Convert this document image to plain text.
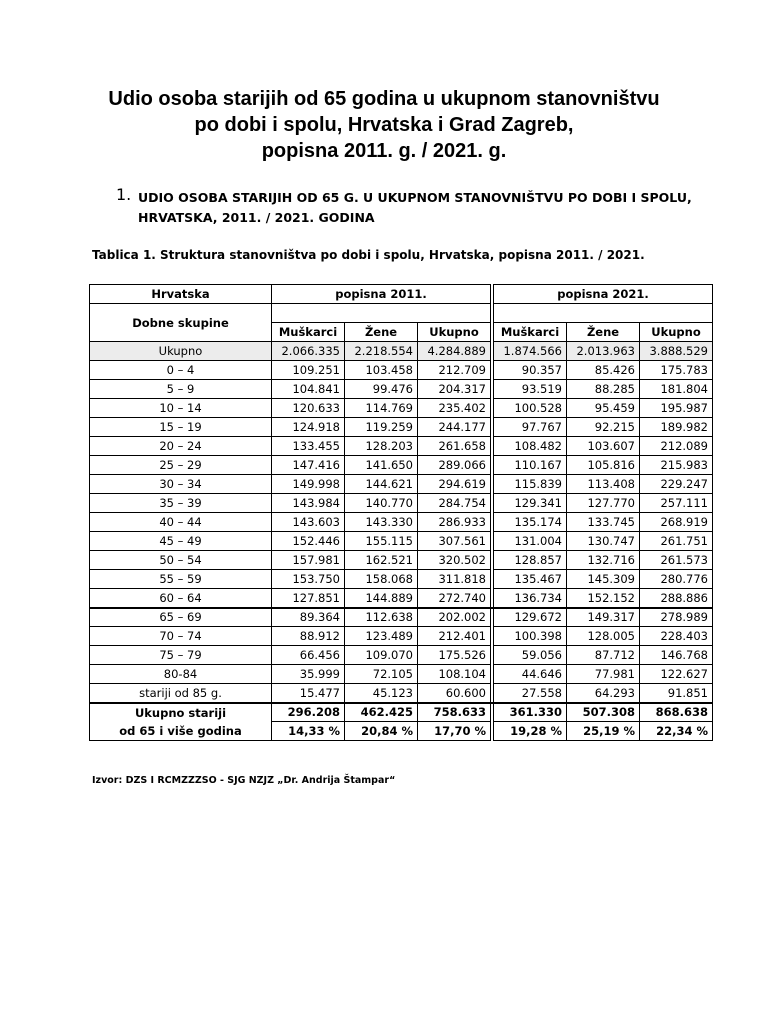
Udio osoba starijih od 65 godina u ukupnom stanovništvu
po dobi i spolu, Hrvatska i Grad Zagreb,
popisna 2011. g. / 2021. g.
1. UDIO OSOBA STARIJIH OD 65 G. U UKUPNOM STANOVNIŠTVU PO DOBI I SPOLU,
HRVATSKA, 2011. / 2021. GODINA
Tablica 1. Struktura stanovništva po dobi i spolu, Hrvatska, popisna 2011. / 2021.
Hrvatska	popisna 2011.				popisna 2021.		
Dobne skupine							
	Muškarci	Žene	Ukupno		Muškarci	Žene	Ukupno
Ukupno	2.066.335	2.218.554	4.284.889		1.874.566	2.013.963	3.888.529
0 – 4	109.251	103.458	212.709		90.357	85.426	175.783
5 – 9	104.841	99.476	204.317		93.519	88.285	181.804
10 – 14	120.633	114.769	235.402		100.528	95.459	195.987
15 – 19	124.918	119.259	244.177		97.767	92.215	189.982
20 – 24	133.455	128.203	261.658		108.482	103.607	212.089
25 – 29	147.416	141.650	289.066		110.167	105.816	215.983
30 – 34	149.998	144.621	294.619		115.839	113.408	229.247
35 – 39	143.984	140.770	284.754		129.341	127.770	257.111
40 – 44	143.603	143.330	286.933		135.174	133.745	268.919
45 – 49	152.446	155.115	307.561		131.004	130.747	261.751
50 – 54	157.981	162.521	320.502		128.857	132.716	261.573
55 – 59	153.750	158.068	311.818		135.467	145.309	280.776
60 – 64	127.851	144.889	272.740		136.734	152.152	288.886
65 – 69	89.364	112.638	202.002		129.672	149.317	278.989
70 – 74	88.912	123.489	212.401		100.398	128.005	228.403
75 – 79	66.456	109.070	175.526		59.056	87.712	146.768
80-84	35.999	72.105	108.104		44.646	77.981	122.627
stariji od 85 g.	15.477	45.123	60.600		27.558	64.293	91.851

Ukupno stariji
od 65 i više godina	296.208	462.425	758.633		361.330	507.308	868.638
	14,33 %	20,84 %	17,70 %		19,28 %	25,19 %	22,34 %
Izvor: DZS I RCMZZZSO - SJG NZJZ „Dr. Andrija Štampar“
